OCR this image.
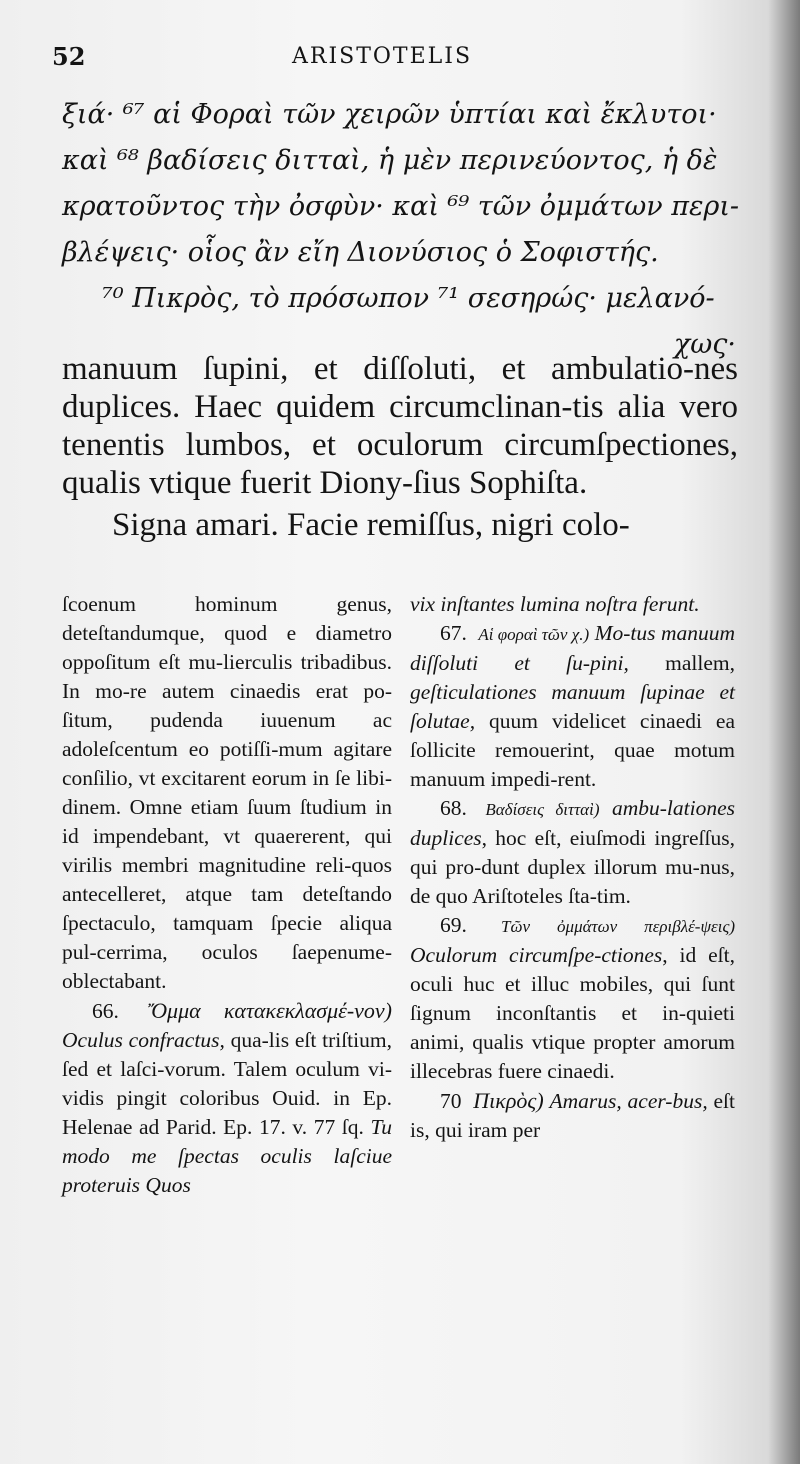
52	ARISTOTELIS

ξιά· ⁶⁷ αἱ Φοραὶ τῶν χειρῶν ὑπτίαι καὶ ἔκλυτοι·

καὶ ⁶⁸ βαδίσεις διτταὶ, ἡ μὲν περινεύοντος, ἡ δὲ

κρατοῦντος τὴν ὀσφὺν· καὶ ⁶⁹ τῶν ὀμμάτων περι-

βλέψεις· οἷος ἂν εἴη Διονύσιος ὁ Σοφιστής.

⁷⁰ Πικρὸς, τὸ πρόσωπον ⁷¹ σεσηρώς· μελανό-

χως·

manuum ſupini, et diſſoluti, et ambulatio-nes duplices. Haec quidem circumclinan-tis alia vero tenentis lumbos, et oculorum circumſpectiones, qualis vtique fuerit Diony-ſius Sophiſta.

Signa amari. Facie remiſſus, nigri colo-

ſcoenum hominum genus, deteſtandumque, quod e diametro oppoſitum eſt mu-lierculis tribadibus. In mo-re autem cinaedis erat po-ſitum, pudenda iuuenum ac adoleſcentum eo potiſſi-mum agitare conſilio, vt excitarent eorum in ſe libi-dinem. Omne etiam ſuum ſtudium in id impendebant, vt quaererent, qui virilis membri magnitudine reli-quos antecelleret, atque tam deteſtando ſpectaculo, tamquam ſpecie aliqua pul-cerrima, oculos ſaepenume-oblectabant.

66. Ὄμμα κατακεκλασμέ-νον) Oculus confractus, qua-lis eſt triſtium, ſed et laſci-vorum. Talem oculum vi-vidis pingit coloribus Ouid. in Ep. Helenae ad Parid. Ep. 17. v. 77 ſq. Tu modo me ſpectas oculis laſciue proteruis Quos

vix inſtantes lumina noſtra ferunt.

67. Αἱ φοραὶ τῶν χ.) Mo-tus manuum diſſoluti et ſu-pini, mallem, geſticulationes manuum ſupinae et ſolutae, quum videlicet cinaedi ea ſollicite remouerint, quae motum manuum impedi-rent.

68. Βαδίσεις διτταὶ) ambu-lationes duplices, hoc eſt, eiuſmodi ingreſſus, qui pro-dunt duplex illorum mu-nus, de quo Ariſtoteles ſta-tim.

69. Τῶν ὀμμάτων περιβλέ-ψεις) Oculorum circumſpe-ctiones, id eſt, oculi huc et illuc mobiles, qui ſunt ſignum inconſtantis et in-quieti animi, qualis vtique propter amorum illecebras fuere cinaedi.

70 Πικρὸς) Amarus, acer-bus, eſt is, qui iram per
